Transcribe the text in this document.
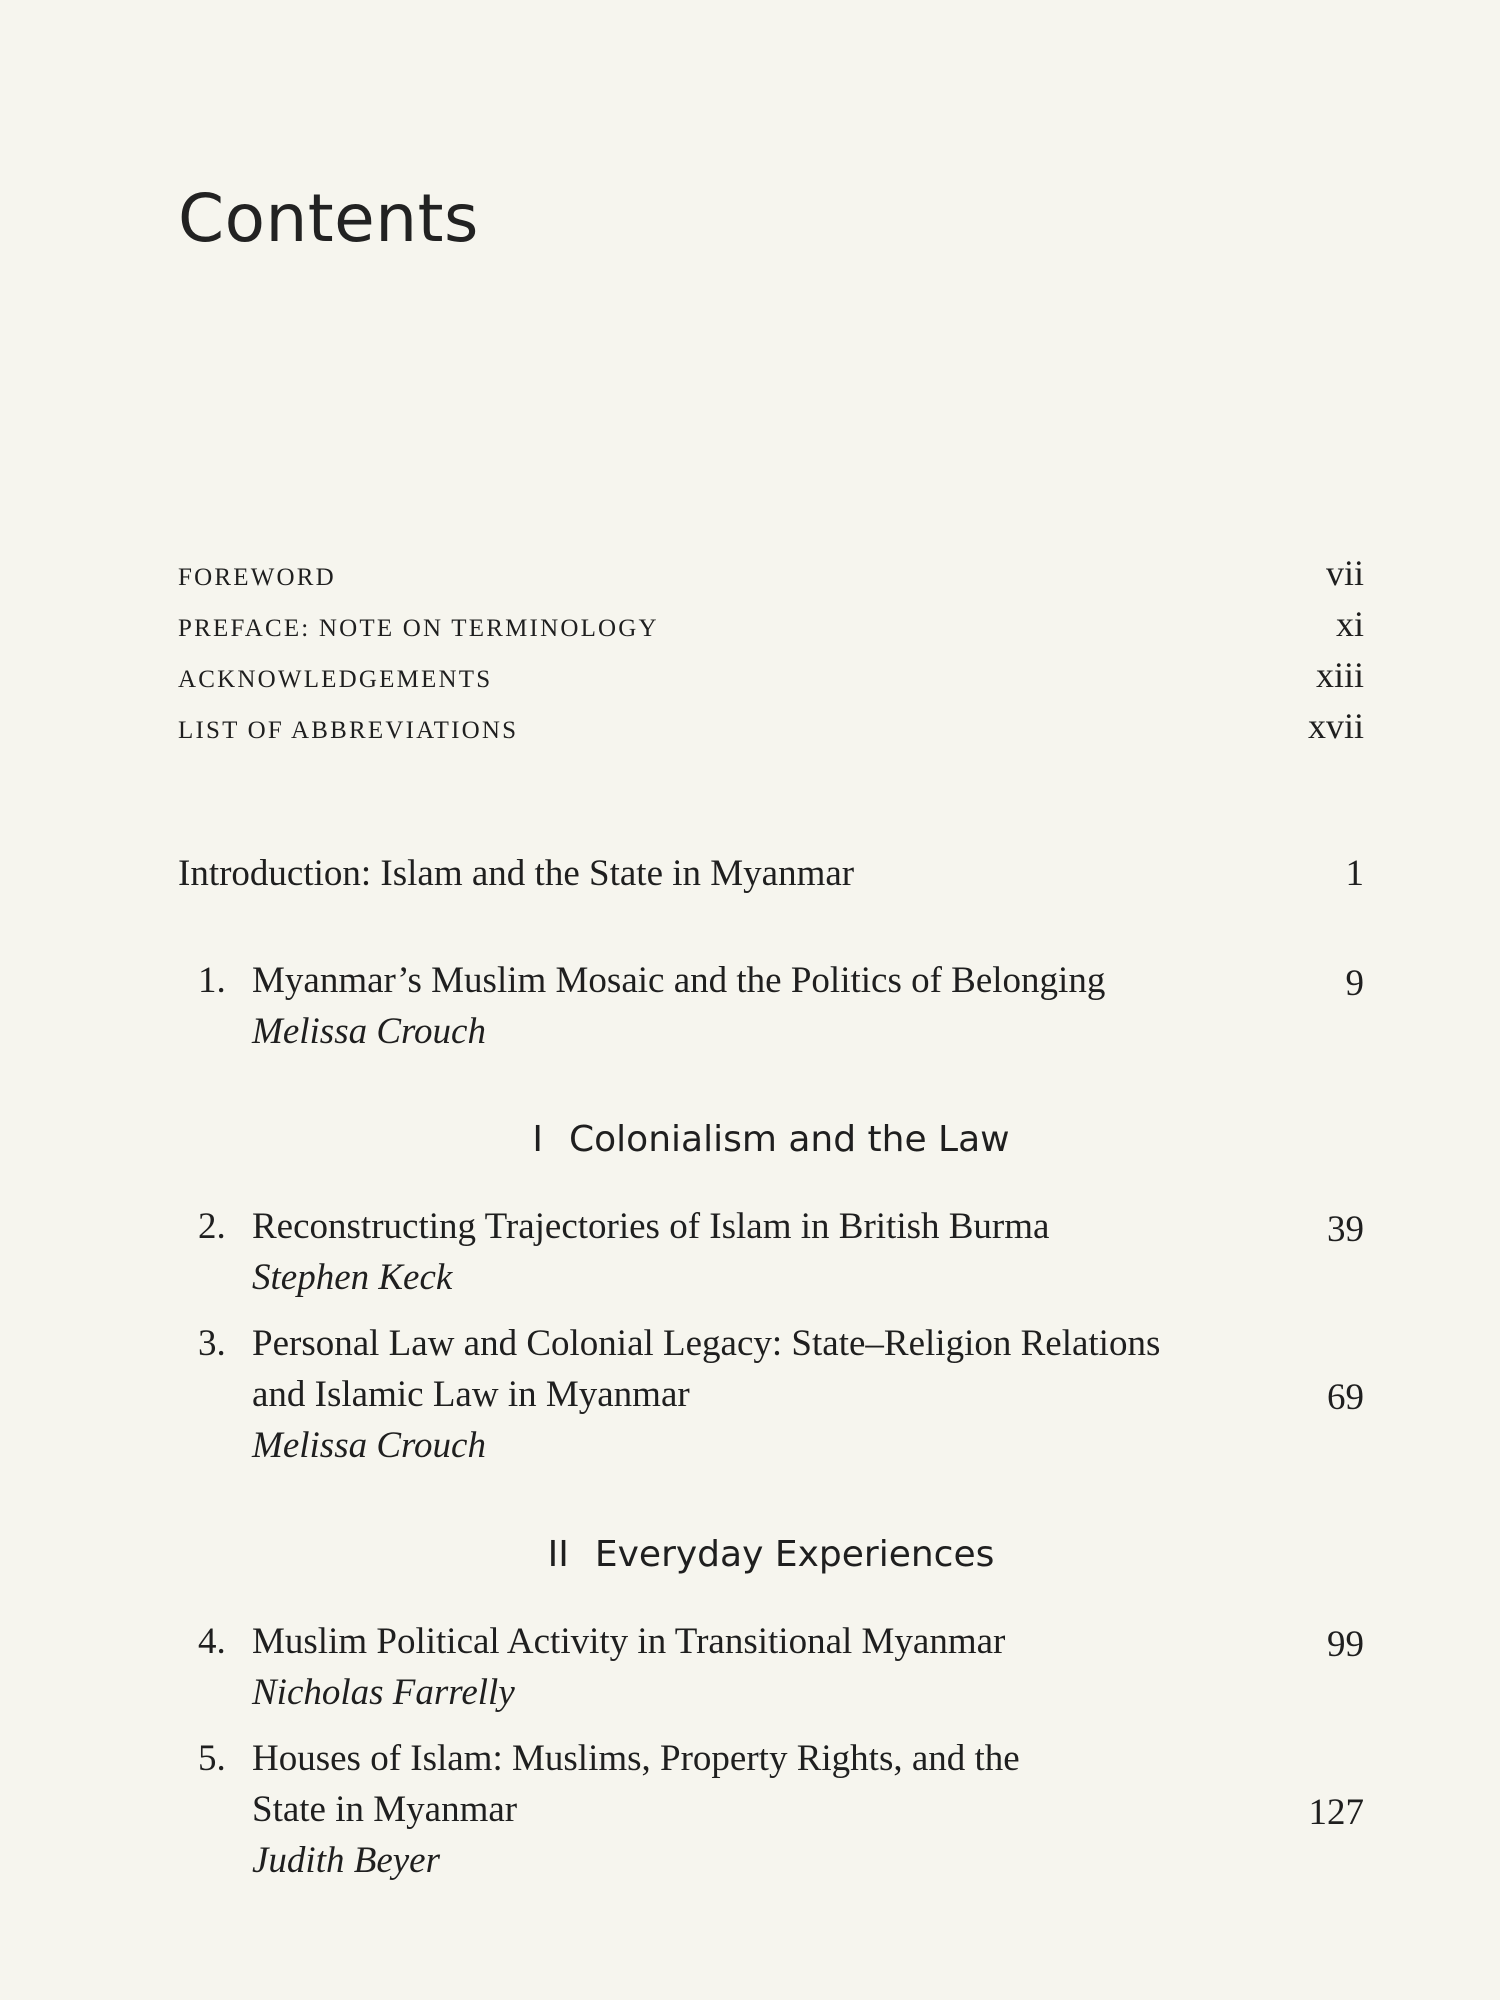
Contents
FOREWORD	vii
PREFACE: NOTE ON TERMINOLOGY	xi
ACKNOWLEDGEMENTS	xiii
LIST OF ABBREVIATIONS	xvii
Introduction: Islam and the State in Myanmar	1
1. Myanmar’s Muslim Mosaic and the Politics of Belonging	9
Melissa Crouch
I Colonialism and the Law
2. Reconstructing Trajectories of Islam in British Burma	39
Stephen Keck
3. Personal Law and Colonial Legacy: State–Religion Relations
and Islamic Law in Myanmar	69
Melissa Crouch
II Everyday Experiences
4. Muslim Political Activity in Transitional Myanmar	99
Nicholas Farrelly
5. Houses of Islam: Muslims, Property Rights, and the
State in Myanmar	127
Judith Beyer
